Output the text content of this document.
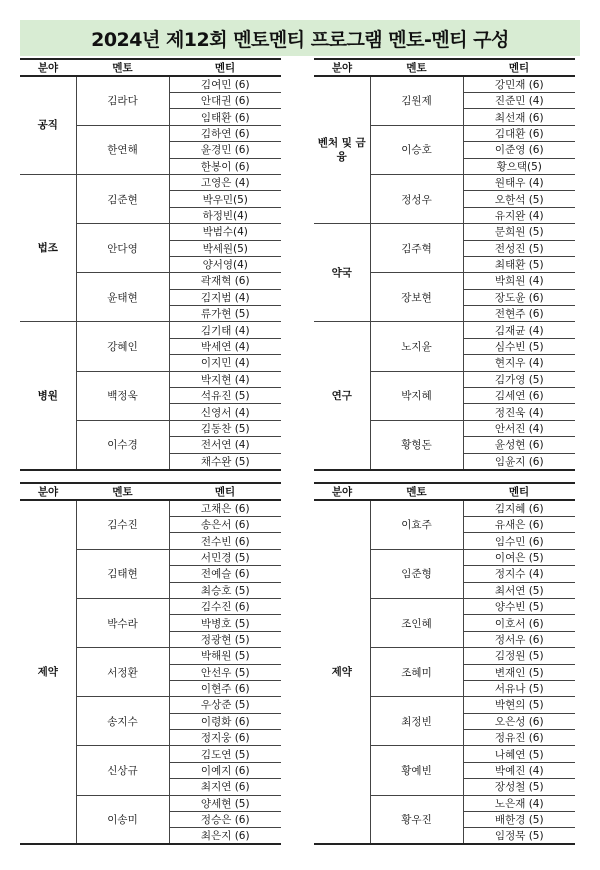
2024년 제12회 멘토멘티 프로그램 멘토-멘티 구성
분야	멘토	멘티
공직	김라다	김여민 (6)
		안대권 (6)
		임태환 (6)
	한연해	김하연 (6)
		윤경민 (6)
		한봉이 (6)
법조	김준현	고영은 (4)
		박우민(5)
		하정빈(4)
	안다영	박범수(4)
		박세원(5)
		양서영(4)
	윤태현	곽재혁 (6)
		김지범 (4)
		류가현 (5)
병원	강혜인	김기태 (4)
		박세연 (4)
		이지민 (4)
	백정욱	박지현 (4)
		석유진 (5)
		신영서 (4)
	이수경	김동찬 (5)
		전서연 (4)
		채수완 (5)
분야	멘토	멘티
벤처 및 금융	김원제	강민재 (6)
		진준민 (4)
		최선재 (6)
	이승호	김대환 (6)
		이준영 (6)
		황으택(5)
	정성우	원태우 (4)
		오한석 (5)
		유지완 (4)
약국	김주혁	문희원 (5)
		전성진 (5)
		최태환 (5)
	장보현	박희원 (4)
		장도윤 (6)
		전현주 (6)
연구	노지윤	김재균 (4)
		심수빈 (5)
		현지우 (4)
	박지혜	김가영 (5)
		김세연 (6)
		정진욱 (4)
	황형돈	안서진 (4)
		윤성현 (6)
		임윤지 (6)
분야	멘토	멘티
제약	김수진	고채은 (6)
		송은서 (6)
		전수빈 (6)
	김태현	서민경 (5)
		전예슬 (6)
		최승호 (5)
	박수라	김수진 (6)
		박병호 (5)
		정광현 (5)
	서정환	박해원 (5)
		안선우 (5)
		이현주 (6)
	송지수	우상준 (5)
		이령화 (6)
		정지웅 (6)
	신상규	김도연 (5)
		이예지 (6)
		최지연 (6)
	이송미	양세현 (5)
		정승은 (6)
		최은지 (6)
분야	멘토	멘티
제약	이효주	김지혜 (6)
		유새은 (6)
		임수민 (6)
	임준형	이여은 (5)
		정지수 (4)
		최서연 (5)
	조인혜	양수빈 (5)
		이호서 (6)
		정서우 (6)
	조혜미	김정원 (5)
		변재인 (5)
		서유나 (5)
	최정빈	박현의 (5)
		오은성 (6)
		정유진 (6)
	황예빈	나혜연 (5)
		박예진 (4)
		장성철 (5)
	황우진	노은재 (4)
		배한경 (5)
		임정묵 (5)
